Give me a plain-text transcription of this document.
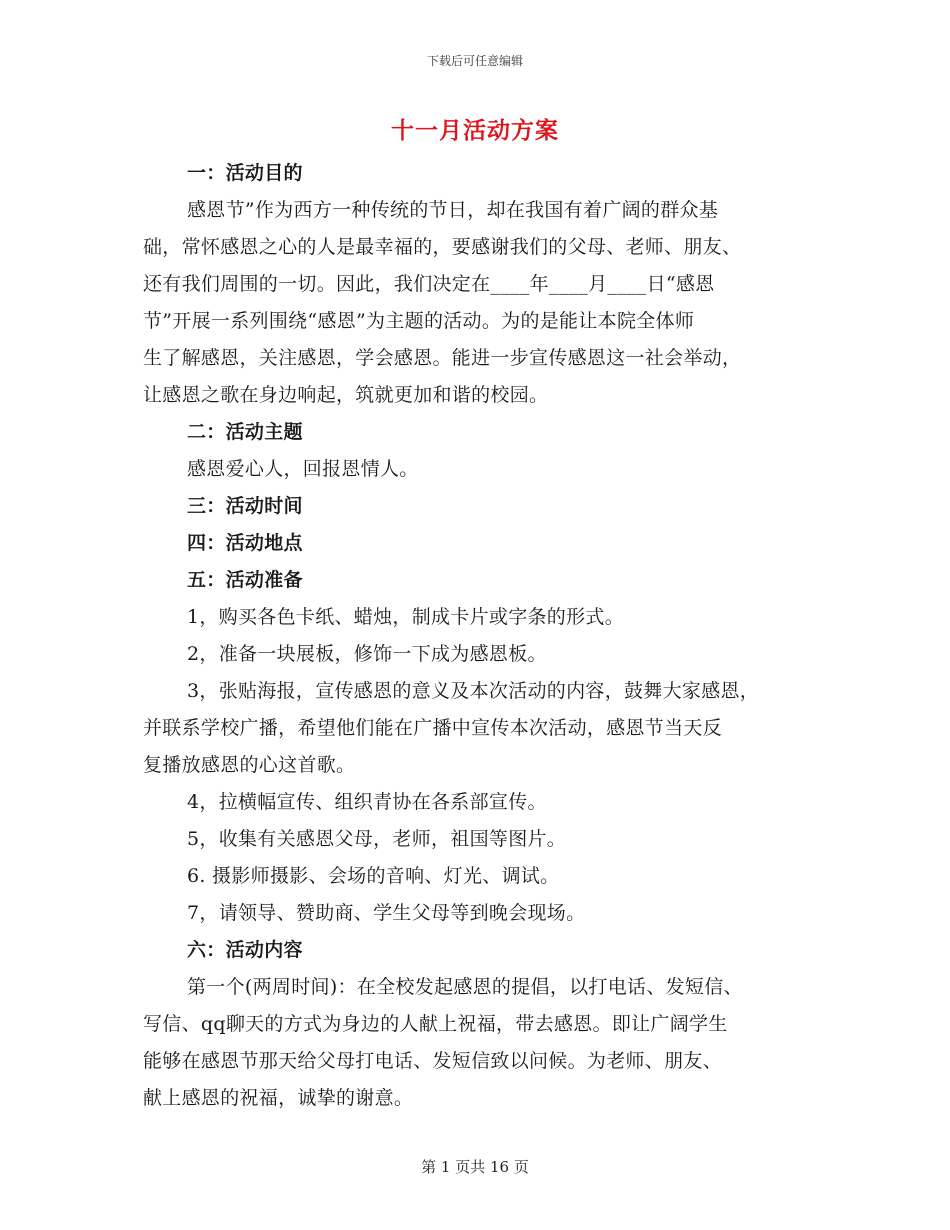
下载后可任意编辑
十一月活动方案
一：活动目的
感恩节”作为西方一种传统的节日，却在我国有着广阔的群众基
础，常怀感恩之心的人是最幸福的，要感谢我们的父母、老师、朋友、
还有我们周围的一切。因此，我们决定在____年____月____日“感恩
节”开展一系列围绕“感恩”为主题的活动。为的是能让本院全体师
生了解感恩，关注感恩，学会感恩。能进一步宣传感恩这一社会举动，
让感恩之歌在身边响起，筑就更加和谐的校园。
二：活动主题
感恩爱心人，回报恩情人。
三：活动时间
四：活动地点
五：活动准备
1，购买各色卡纸、蜡烛，制成卡片或字条的形式。
2，准备一块展板，修饰一下成为感恩板。
3，张贴海报，宣传感恩的意义及本次活动的内容，鼓舞大家感恩，
并联系学校广播，希望他们能在广播中宣传本次活动，感恩节当天反
复播放感恩的心这首歌。
4，拉横幅宣传、组织青协在各系部宣传。
5，收集有关感恩父母，老师，祖国等图片。
6. 摄影师摄影、会场的音响、灯光、调试。
7，请领导、赞助商、学生父母等到晚会现场。
六：活动内容
第一个(两周时间)：在全校发起感恩的提倡，以打电话、发短信、
写信、qq聊天的方式为身边的人献上祝福，带去感恩。即让广阔学生
能够在感恩节那天给父母打电话、发短信致以问候。为老师、朋友、
献上感恩的祝福，诚挚的谢意。
第 1 页共 16 页
